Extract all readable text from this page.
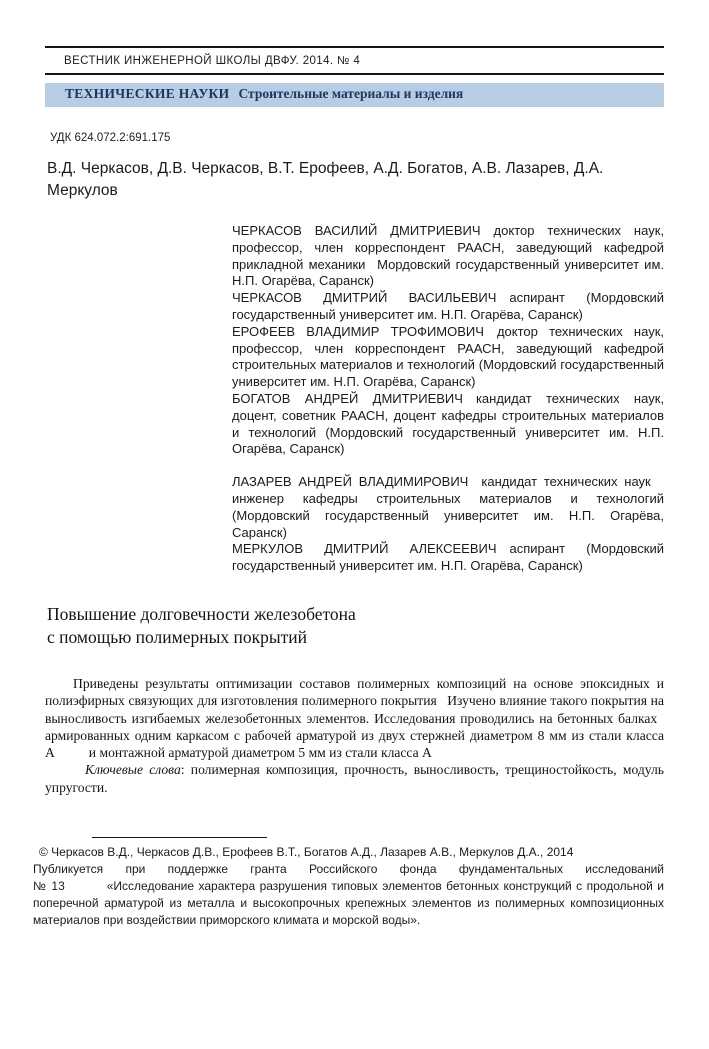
ВЕСТНИК ИНЖЕНЕРНОЙ ШКОЛЫ ДВФУ. 2014. № 4
ТЕХНИЧЕСКИЕ НАУКИ Строительные материалы и изделия
УДК 624.072.2:691.175
В.Д. Черкасов, Д.В. Черкасов, В.Т. Ерофеев, А.Д. Богатов, А.В. Лазарев, Д.А. Меркулов

ЧЕРКАСОВ ВАСИЛИЙ ДМИТРИЕВИЧ доктор технических наук, профессор, член корреспондент РААСН, заведующий кафедрой прикладной механики  Мордовский государственный университет им. Н.П. Огарёва, Саранск)

ЧЕРКАСОВ ДМИТРИЙ ВАСИЛЬЕВИЧ аспирант (Мордовский государственный университет им. Н.П. Огарёва, Саранск)

ЕРОФЕЕВ ВЛАДИМИР ТРОФИМОВИЧ доктор технических наук, профессор, член корреспондент РААСН, заведующий кафедрой строительных материалов и технологий (Мордовский государственный университет им. Н.П. Огарёва, Саранск)

БОГАТОВ АНДРЕЙ ДМИТРИЕВИЧ кандидат технических наук, доцент, советник РААСН, доцент кафедры строительных материалов и технологий (Мордовский государственный университет им. Н.П. Огарёва, Саранск)

ЛАЗАРЕВ АНДРЕЙ ВЛАДИМИРОВИЧ кандидат технических наук  инженер кафедры строительных материалов и технологий (Мордовский государственный университет им. Н.П. Огарёва, Саранск)

МЕРКУЛОВ ДМИТРИЙ АЛЕКСЕЕВИЧ аспирант (Мордовский государственный университет им. Н.П. Огарёва, Саранск)

Повышение долговечности железобетона
с помощью полимерных покрытий

Приведены результаты оптимизации составов полимерных композиций на основе эпоксидных и полиэфирных связующих для изготовления полимерного покрытия  Изучено влияние такого покрытия на выносливость изгибаемых железобетонных элементов. Исследования проводились на бетонных балках  армированных одним каркасом с рабочей арматурой из двух стержней диаметром 8 мм из стали класса А   и монтажной арматурой диаметром 5 мм из стали класса А

Ключевые слова: полимерная композиция, прочность, выносливость, трещиностойкость, модуль упругости.

© Черкасов В.Д., Черкасов Д.В., Ерофеев В.Т., Богатов А.Д., Лазарев А.В., Меркулов Д.А., 2014

Публикуется при поддержке гранта Российского фонда фундаментальных исследований № 13    «Исследование характера разрушения типовых элементов бетонных конструкций с продольной и поперечной арматурой из металла и высокопрочных крепежных элементов из полимерных композиционных материалов при воздействии приморского климата и морской воды».
